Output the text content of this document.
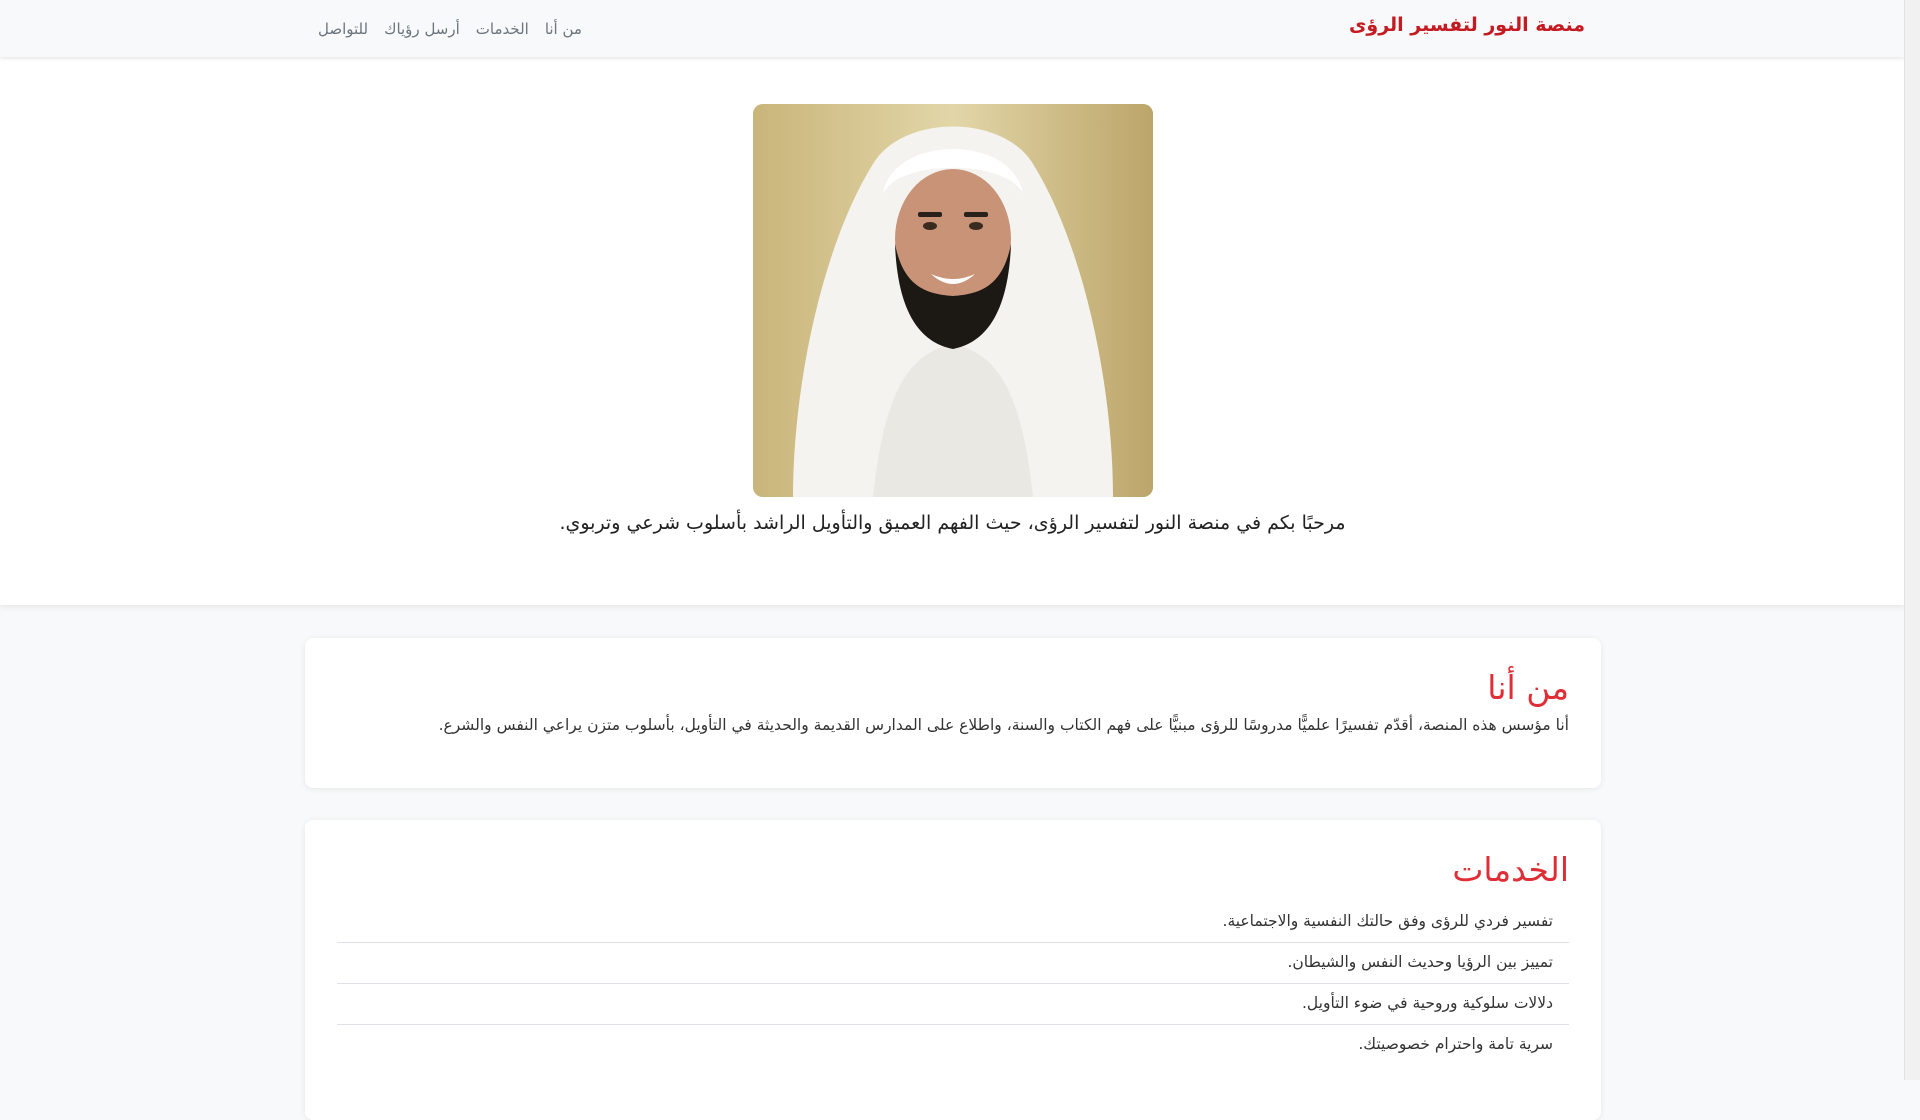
منصة النور لتفسير الرؤى
من أنا
الخدمات
أرسل رؤياك
للتواصل
مرحبًا بكم في منصة النور لتفسير الرؤى، حيث الفهم العميق والتأويل الراشد بأسلوب شرعي وتربوي.
من أنا

أنا مؤسس هذه المنصة، أقدّم تفسيرًا علميًّا مدروسًا للرؤى مبنيًّا على فهم الكتاب والسنة، واطلاع على المدارس القديمة والحديثة في التأويل، بأسلوب متزن يراعي النفس والشرع.

الخدمات
تفسير فردي للرؤى وفق حالتك النفسية والاجتماعية.
تمييز بين الرؤيا وحديث النفس والشيطان.
دلالات سلوكية وروحية في ضوء التأويل.
سرية تامة واحترام خصوصيتك.
